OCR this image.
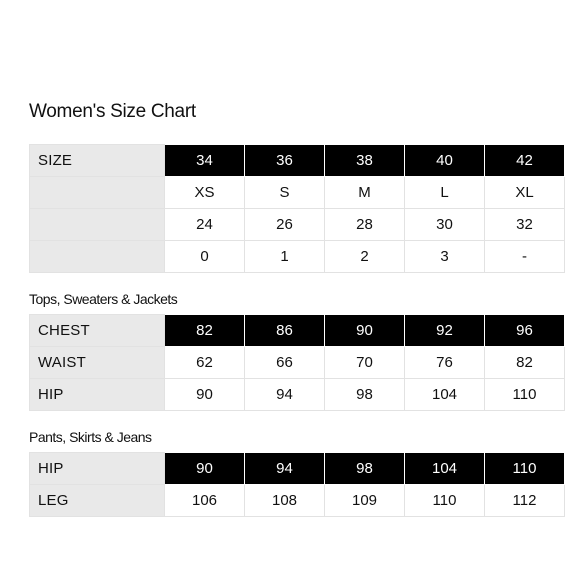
Women's Size Chart
SIZE	34	36	38	40	42
	XS	S	M	L	XL
	24	26	28	30	32
	0	1	2	3	-
Tops, Sweaters & Jackets
CHEST	82	86	90	92	96
WAIST	62	66	70	76	82
HIP	90	94	98	104	110
Pants, Skirts & Jeans
HIP	90	94	98	104	110
LEG	106	108	109	110	112
